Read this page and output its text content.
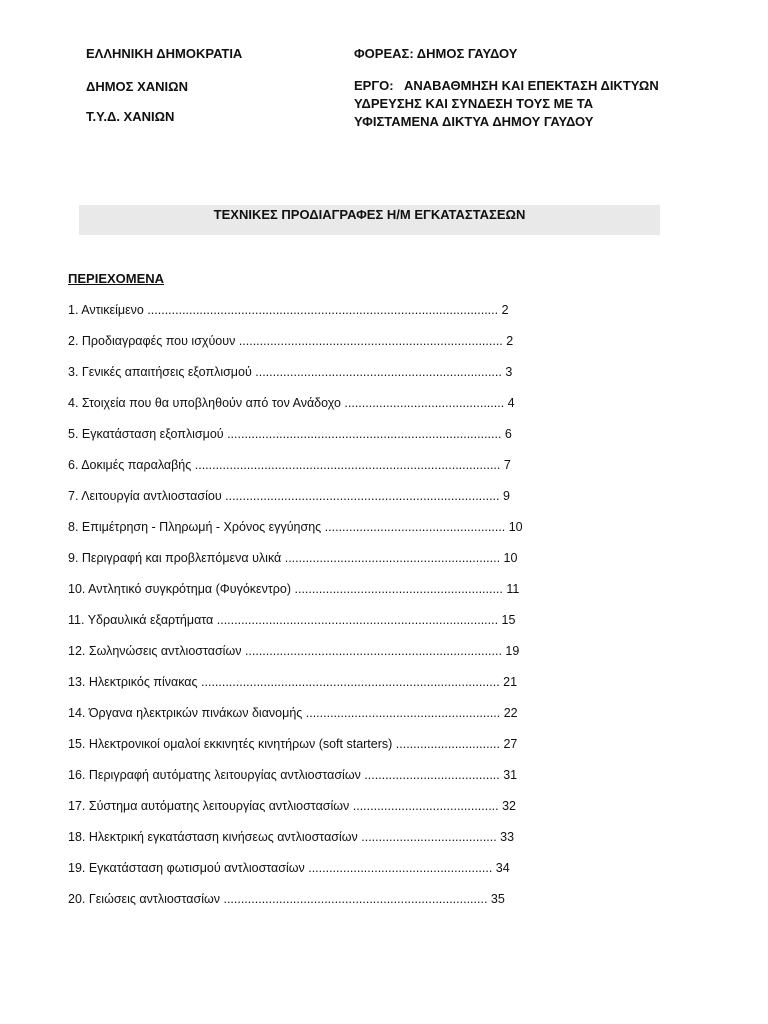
ΕΛΛΗΝΙΚΗ ΔΗΜΟΚΡΑΤΙΑ
ΔΗΜΟΣ ΧΑΝΙΩΝ
Τ.Υ.Δ. ΧΑΝΙΩΝ
ΦΟΡΕΑΣ: ΔΗΜΟΣ ΓΑΥΔΟΥ
ΕΡΓΟ:   ΑΝΑΒΑΘΜΗΣΗ ΚΑΙ ΕΠΕΚΤΑΣΗ ΔΙΚΤΥΩΝ
ΥΔΡΕΥΣΗΣ ΚΑΙ ΣΥΝΔΕΣΗ ΤΟΥΣ ΜΕ ΤΑ
ΥΦΙΣΤΑΜΕΝΑ ΔΙΚΤΥΑ ΔΗΜΟΥ ΓΑΥΔΟΥ
ΤΕΧΝΙΚΕΣ ΠΡΟΔΙΑΓΡΑΦΕΣ Η/Μ ΕΓΚΑΤΑΣΤΑΣΕΩΝ
ΠΕΡΙΕΧΟΜΕΝΑ
1. Αντικείμενο ..................................................................................................... 2
2. Προδιαγραφές που ισχύουν ............................................................................ 2
3. Γενικές απαιτήσεις εξοπλισμού ....................................................................... 3
4. Στοιχεία που θα υποβληθούν από τον Ανάδοχο .............................................. 4
5. Εγκατάσταση εξοπλισμού ............................................................................... 6
6. Δοκιμές παραλαβής ........................................................................................ 7
7. Λειτουργία αντλιοστασίου ............................................................................... 9
8. Επιμέτρηση - Πληρωμή - Χρόνος εγγύησης .................................................... 10
9. Περιγραφή και προβλεπόμενα υλικά .............................................................. 10
10. Αντλητικό συγκρότημα (Φυγόκεντρο) ............................................................ 11
11. Υδραυλικά εξαρτήματα ................................................................................. 15
12. Σωληνώσεις αντλιοστασίων .......................................................................... 19
13. Ηλεκτρικός πίνακας ...................................................................................... 21
14. Όργανα ηλεκτρικών πινάκων διανομής ........................................................ 22
15. Ηλεκτρονικοί ομαλοί εκκινητές κινητήρων (soft starters) .............................. 27
16. Περιγραφή αυτόματης λειτουργίας αντλιοστασίων ....................................... 31
17. Σύστημα αυτόματης λειτουργίας αντλιοστασίων .......................................... 32
18. Ηλεκτρική εγκατάσταση κινήσεως αντλιοστασίων ....................................... 33
19. Εγκατάσταση φωτισμού αντλιοστασίων ..................................................... 34
20. Γειώσεις αντλιοστασίων ............................................................................ 35
